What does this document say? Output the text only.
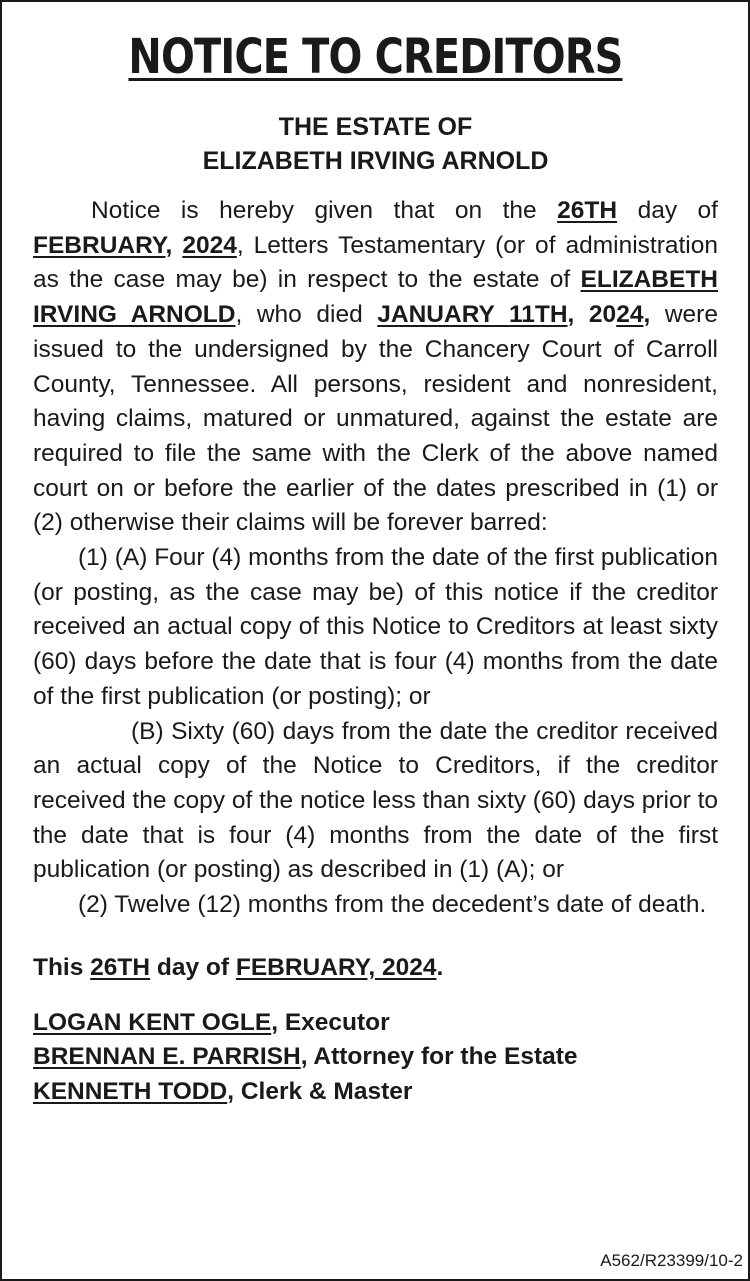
NOTICE TO CREDITORS
THE ESTATE OF
ELIZABETH IRVING ARNOLD

Notice is hereby given that on the 26TH day of FEBRUARY, 2024, Letters Testamentary (or of administration as the case may be) in respect to the estate of ELIZABETH IRVING ARNOLD, who died JANUARY 11TH, 2024, were issued to the undersigned by the Chancery Court of Carroll County, Tennessee. All persons, resident and nonresident, having claims, matured or unmatured, against the estate are required to file the same with the Clerk of the above named court on or before the earlier of the dates prescribed in (1) or (2) otherwise their claims will be forever barred:

(1) (A) Four (4) months from the date of the first publication (or posting, as the case may be) of this notice if the creditor received an actual copy of this Notice to Creditors at least sixty (60) days before the date that is four (4) months from the date of the first publication (or posting); or

(B) Sixty (60) days from the date the creditor received an actual copy of the Notice to Creditors, if the creditor received the copy of the notice less than sixty (60) days prior to the date that is four (4) months from the date of the first publication (or posting) as described in (1) (A); or

(2) Twelve (12) months from the decedent’s date of death.

This 26TH day of FEBRUARY, 2024.
LOGAN KENT OGLE, Executor
BRENNAN E. PARRISH, Attorney for the Estate
KENNETH TODD, Clerk & Master
A562/R23399/10-2
